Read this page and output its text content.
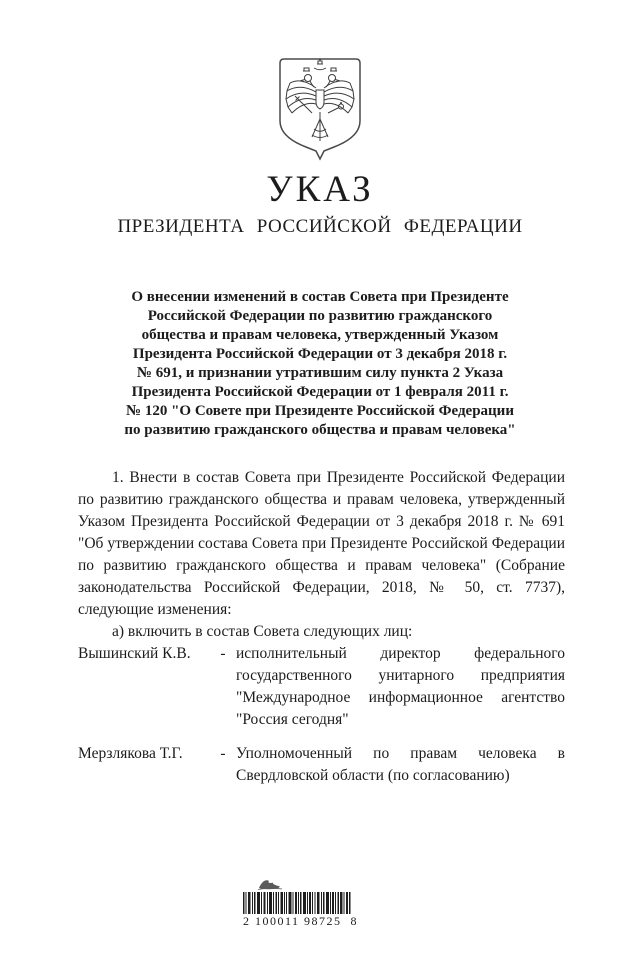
УКАЗ
ПРЕЗИДЕНТА РОССИЙСКОЙ ФЕДЕРАЦИИ
О внесении изменений в состав Совета при Президенте
Российской Федерации по развитию гражданского
общества и правам человека, утвержденный Указом
Президента Российской Федерации от 3 декабря 2018 г.
№ 691, и признании утратившим силу пункта 2 Указа
Президента Российской Федерации от 1 февраля 2011 г.
№ 120 "О Совете при Президенте Российской Федерации
по развитию гражданского общества и правам человека"

1. Внести в состав Совета при Президенте Российской Федерации по развитию гражданского общества и правам человека, утвержденный Указом Президента Российской Федерации от 3 декабря 2018 г. № 691 "Об утверждении состава Совета при Президенте Российской Федерации по развитию гражданского общества и правам человека" (Собрание законодательства Российской Федерации, 2018, № 50, ст. 7737), следующие изменения:

а) включить в состав Совета следующих лиц:

Вышинский К.В.	- исполнительный директор федерального государственного унитарного предприятия "Международное информационное агентство "Россия сегодня"
Мерзлякова Т.Г.	- Уполномоченный по правам человека в Свердловской области (по согласованию)
2 100011 98725  8
